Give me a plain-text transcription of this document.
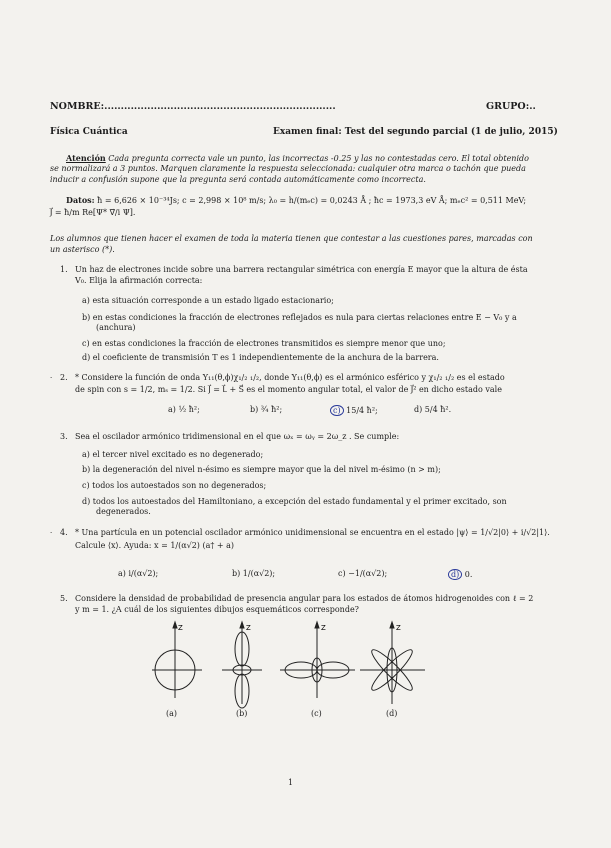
NOMBRE:......................................................................	GRUPO:..
Física Cuántica	Examen final: Test del segundo parcial (1 de julio, 2015)
Atención Cada pregunta correcta vale un punto, las incorrectas -0.25 y las no contestadas cero. El total obtenido
se normalizará a 3 puntos. Marquen claramente la respuesta seleccionada: cualquier otra marca o tachón que pueda
inducir a confusión supone que la pregunta será contada automáticamente como incorrecta.
Datos: ħ = 6,626 × 10⁻³⁴Js; c = 2,998 × 10⁸ m/s; λ₀ = h/(mₑc) = 0,0243 Å ; ħc = 1973,3 eV Å; mₑc² = 0,511 MeV;
J⃗ = ħ/m Re[Ψ* ∇⃗/i Ψ].
Los alumnos que tienen hacer el examen de toda la materia tienen que contestar a las cuestiones pares, marcadas con
un asterisco (*).
1. Un haz de electrones incide sobre una barrera rectangular simétrica con energía E mayor que la altura de ésta
V₀. Elija la afirmación correcta:
a) esta situación corresponde a un estado ligado estacionario;
b) en estas condiciones la fracción de electrones reflejados es nula para ciertas relaciones entre E − V₀ y a
(anchura)
c) en estas condiciones la fracción de electrones transmitidos es siempre menor que uno;
d) el coeficiente de transmisión T es 1 independientemente de la anchura de la barrera.
· 2. * Considere la función de onda Y₁₁(θ,ϕ)χ₁/₂ ₁/₂, donde Y₁₁(θ,ϕ) es el armónico esférico y χ₁/₂ ₁/₂ es el estado
de spin con s = 1/2, mₛ = 1/2. Si J⃗ = L⃗ + S⃗ es el momento angular total, el valor de J⃗² en dicho estado vale
a) ½ ħ²;	b) ¾ ħ²;	c) 15/4 ħ²;	d) 5/4 ħ².
3. Sea el oscilador armónico tridimensional en el que ωₓ = ωᵧ = 2ω_z . Se cumple:
a) el tercer nivel excitado es no degenerado;
b) la degeneración del nivel n-ésimo es siempre mayor que la del nivel m-ésimo (n > m);
c) todos los autoestados son no degenerados;
d) todos los autoestados del Hamiltoniano, a excepción del estado fundamental y el primer excitado, son
degenerados.
· 4. * Una partícula en un potencial oscilador armónico unidimensional se encuentra en el estado |ψ⟩ = 1/√2|0⟩ + i/√2|1⟩.
Calcule ⟨x⟩. Ayuda: x = 1/(α√2) (a† + a)
a) i/(α√2);	b) 1/(α√2);	c) −1/(α√2);	d) 0.
5. Considere la densidad de probabilidad de presencia angular para los estados de átomos hidrogenoides con ℓ = 2
y m = 1. ¿A cuál de los siguientes dibujos esquemáticos corresponde?
Z	Z	Z	Z
(a)	(b)	(c)	(d)
1
